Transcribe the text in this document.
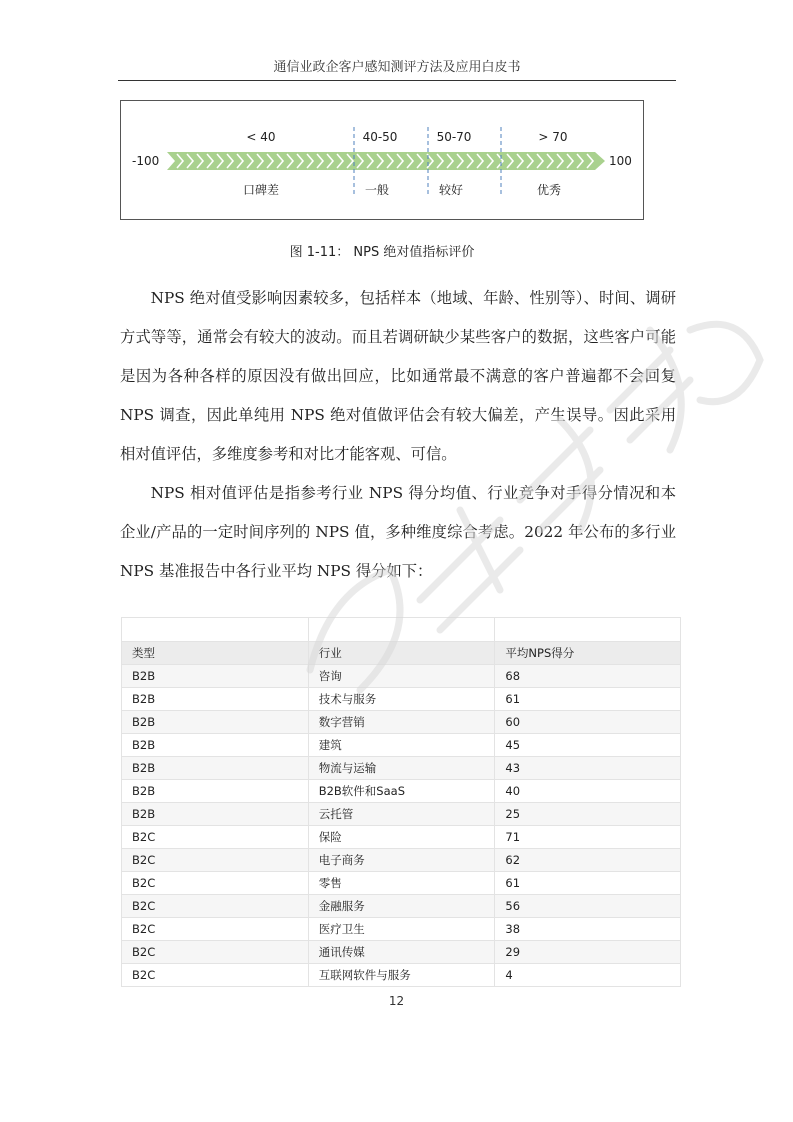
通信业政企客户感知测评方法及应用白皮书
-100	100
< 40	40-50	50-70	> 70
口碑差	一般	较好	优秀
图 1-11： NPS 绝对值指标评价

NPS 绝对值受影响因素较多，包括样本（地域、年龄、性别等）、时间、调研方式等等，通常会有较大的波动。而且若调研缺少某些客户的数据，这些客户可能是因为各种各样的原因没有做出回应，比如通常最不满意的客户普遍都不会回复 NPS 调查，因此单纯用 NPS 绝对值做评估会有较大偏差，产生误导。因此采用相对值评估，多维度参考和对比才能客观、可信。

NPS 相对值评估是指参考行业 NPS 得分均值、行业竞争对手得分情况和本企业/产品的一定时间序列的 NPS 值，多种维度综合考虑。2022 年公布的多行业 NPS 基准报告中各行业平均 NPS 得分如下：

类型	行业	平均NPS得分
B2B	咨询	68
B2B	技术与服务	61
B2B	数字营销	60
B2B	建筑	45
B2B	物流与运输	43
B2B	B2B软件和SaaS	40
B2B	云托管	25
B2C	保险	71
B2C	电子商务	62
B2C	零售	61
B2C	金融服务	56
B2C	医疗卫生	38
B2C	通讯传媒	29
B2C	互联网软件与服务	4
12
